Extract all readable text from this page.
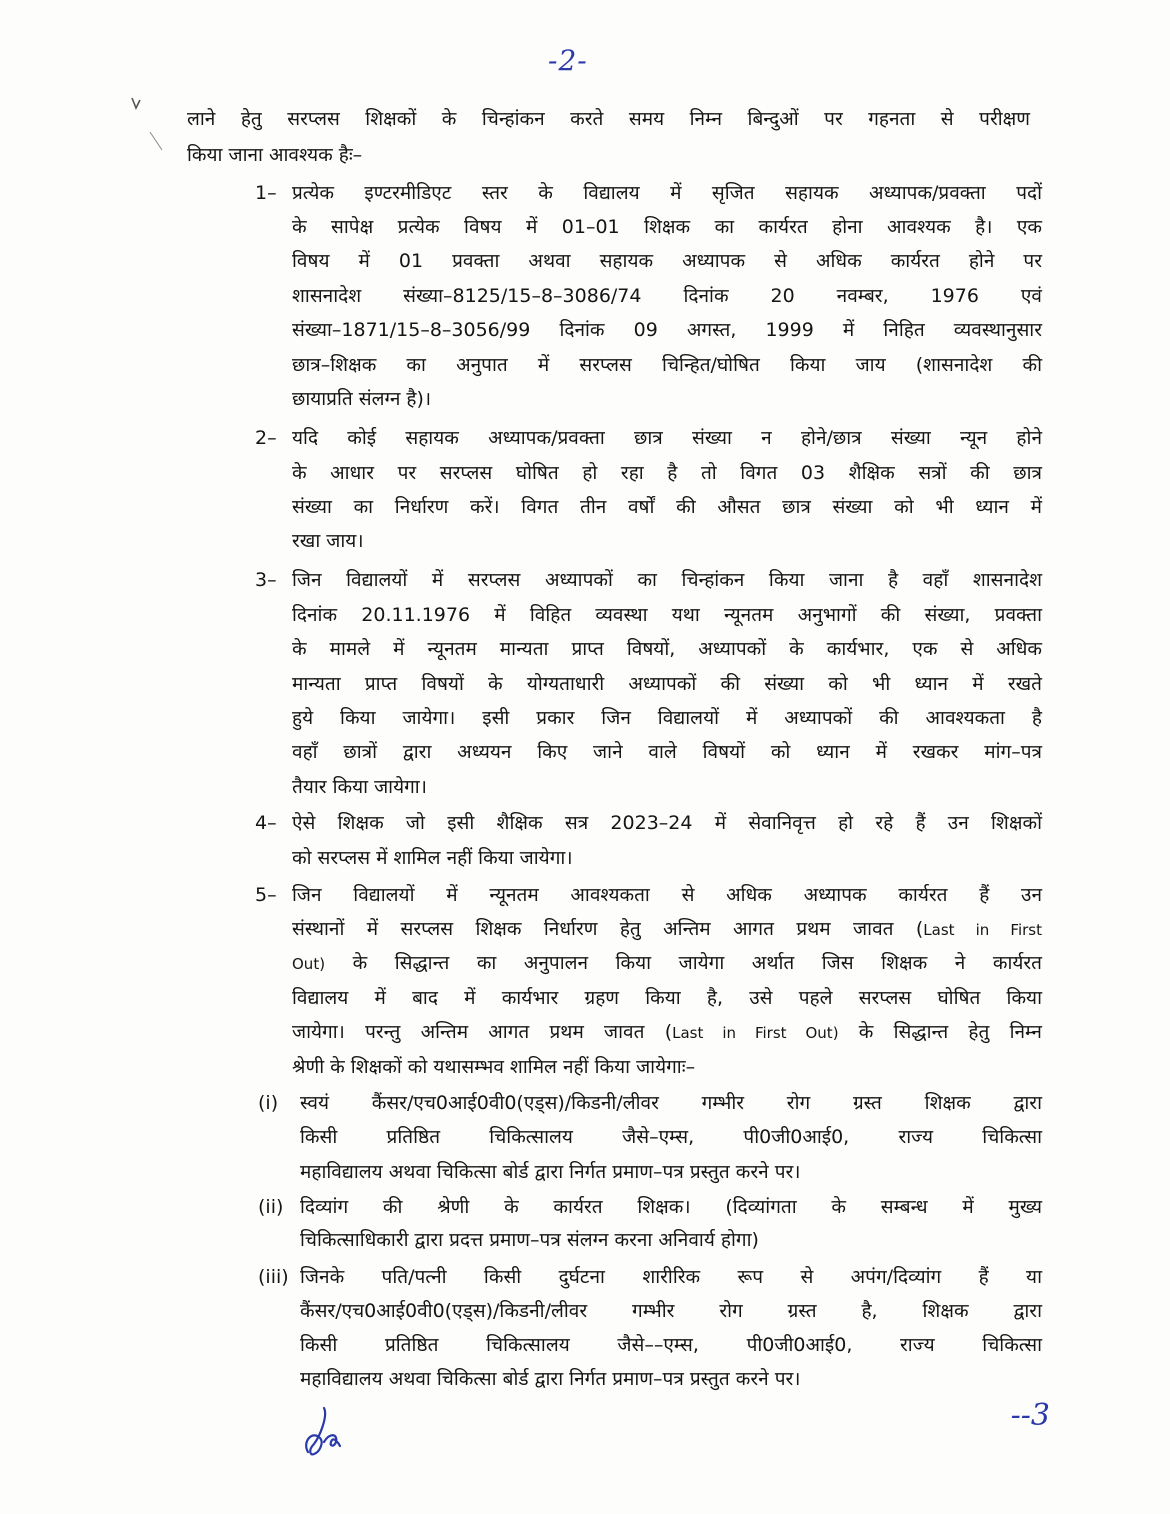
-2-
लाने हेतु सरप्लस शिक्षकों के चिन्हांकन करते समय निम्न बिन्दुओं पर गहनता से परीक्षण
किया जाना आवश्यक हैः–
1– प्रत्येक इण्टरमीडिएट स्तर के विद्यालय में सृजित सहायक अध्यापक/प्रवक्ता पदों
के सापेक्ष प्रत्येक विषय में 01–01 शिक्षक का कार्यरत होना आवश्यक है। एक
विषय में 01 प्रवक्ता अथवा सहायक अध्यापक से अधिक कार्यरत होने पर
शासनादेश संख्या–8125/15–8–3086/74 दिनांक 20 नवम्बर, 1976 एवं
संख्या–1871/15–8–3056/99 दिनांक 09 अगस्त, 1999 में निहित व्यवस्थानुसार
छात्र–शिक्षक का अनुपात में सरप्लस चिन्हित/घोषित किया जाय (शासनादेश की
छायाप्रति संलग्न है)।
2– यदि कोई सहायक अध्यापक/प्रवक्ता छात्र संख्या न होने/छात्र संख्या न्यून होने
के आधार पर सरप्लस घोषित हो रहा है तो विगत 03 शैक्षिक सत्रों की छात्र
संख्या का निर्धारण करें। विगत तीन वर्षों की औसत छात्र संख्या को भी ध्यान में
रखा जाय।
3– जिन विद्यालयों में सरप्लस अध्यापकों का चिन्हांकन किया जाना है वहाँ शासनादेश
दिनांक 20.11.1976 में विहित व्यवस्था यथा न्यूनतम अनुभागों की संख्या, प्रवक्ता
के मामले में न्यूनतम मान्यता प्राप्त विषयों, अध्यापकों के कार्यभार, एक से अधिक
मान्यता प्राप्त विषयों के योग्यताधारी अध्यापकों की संख्या को भी ध्यान में रखते
हुये किया जायेगा। इसी प्रकार जिन विद्यालयों में अध्यापकों की आवश्यकता है
वहाँ छात्रों द्वारा अध्ययन किए जाने वाले विषयों को ध्यान में रखकर मांग–पत्र
तैयार किया जायेगा।
4– ऐसे शिक्षक जो इसी शैक्षिक सत्र 2023–24 में सेवानिवृत्त हो रहे हैं उन शिक्षकों
को सरप्लस में शामिल नहीं किया जायेगा।
5– जिन विद्यालयों में न्यूनतम आवश्यकता से अधिक अध्यापक कार्यरत हैं उन
संस्थानों में सरप्लस शिक्षक निर्धारण हेतु अन्तिम आगत प्रथम जावत (Last in First
Out) के सिद्धान्त का अनुपालन किया जायेगा अर्थात जिस शिक्षक ने कार्यरत
विद्यालय में बाद में कार्यभार ग्रहण किया है, उसे पहले सरप्लस घोषित किया
जायेगा। परन्तु अन्तिम आगत प्रथम जावत (Last in First Out) के सिद्धान्त हेतु निम्न
श्रेणी के शिक्षकों को यथासम्भव शामिल नहीं किया जायेगाः–
(i) स्वयं कैंसर/एच0आई0वी0(एड्स)/किडनी/लीवर गम्भीर रोग ग्रस्त शिक्षक द्वारा
किसी प्रतिष्ठित चिकित्सालय जैसे–एम्स, पी0जी0आई0, राज्य चिकित्सा
महाविद्यालय अथवा चिकित्सा बोर्ड द्वारा निर्गत प्रमाण–पत्र प्रस्तुत करने पर।
(ii) दिव्यांग की श्रेणी के कार्यरत शिक्षक। (दिव्यांगता के सम्बन्ध में मुख्य
चिकित्साधिकारी द्वारा प्रदत्त प्रमाण–पत्र संलग्न करना अनिवार्य होगा)
(iii) जिनके पति/पत्नी किसी दुर्घटना शारीरिक रूप से अपंग/दिव्यांग हैं या
कैंसर/एच0आई0वी0(एड्स)/किडनी/लीवर गम्भीर रोग ग्रस्त है, शिक्षक द्वारा
किसी प्रतिष्ठित चिकित्सालय जैसे––एम्स, पी0जी0आई0, राज्य चिकित्सा
महाविद्यालय अथवा चिकित्सा बोर्ड द्वारा निर्गत प्रमाण–पत्र प्रस्तुत करने पर।
--3
